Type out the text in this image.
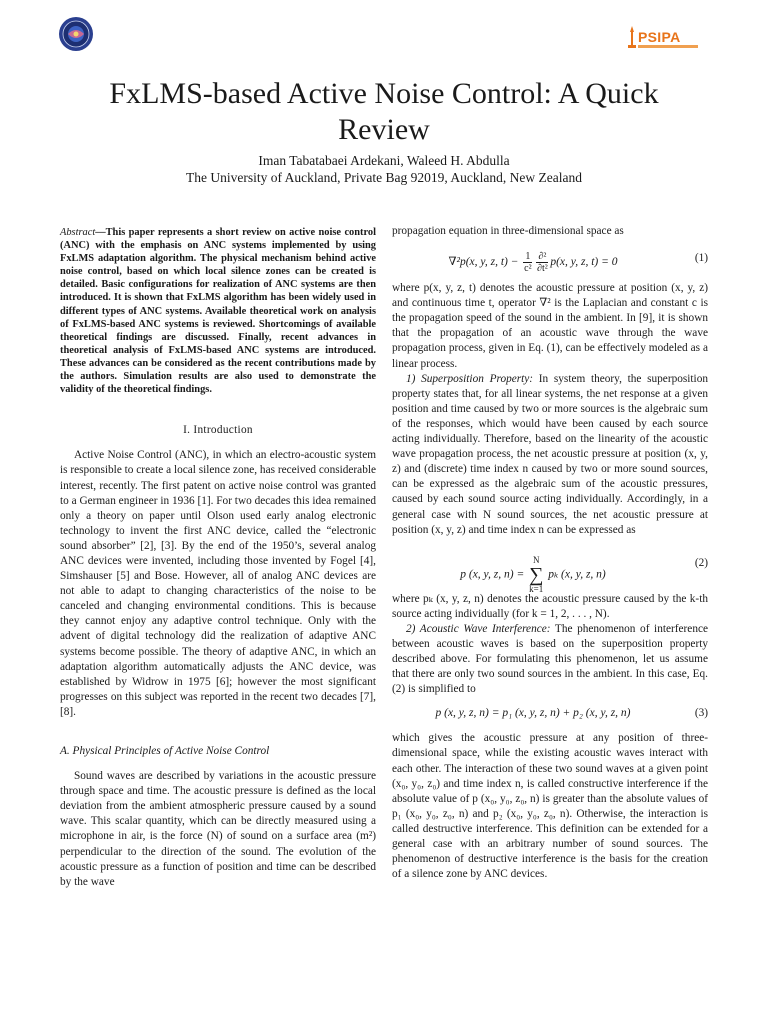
PSIPA
FxLMS-based Active Noise Control: A Quick Review
Iman Tabatabaei Ardekani, Waleed H. Abdulla
The University of Auckland, Private Bag 92019, Auckland, New Zealand

Abstract—This paper represents a short review on active noise control (ANC) with the emphasis on ANC systems implemented by using FxLMS adaptation algorithm. The physical mechanism behind active noise control, based on which local silence zones can be created is detailed. Basic configurations for realization of ANC systems are then introduced. It is shown that FxLMS algorithm has been widely used in different types of ANC systems. Available theoretical work on analysis of FxLMS-based ANC systems is reviewed. Shortcomings of available theoretical findings are discussed. Finally, recent advances in theoretical analysis of FxLMS-based ANC systems are introduced. These advances can be considered as the recent contributions made by the authors. Simulation results are also used to demonstrate the validity of the theoretical findings.

I. Introduction

Active Noise Control (ANC), in which an electro-acoustic system is responsible to create a local silence zone, has received considerable interest, recently. The first patent on active noise control was granted to a German engineer in 1936 [1]. For two decades this idea remained only a theory on paper until Olson used early analog electronic technology to invent the first ANC device, called the “electronic sound absorber” [2], [3]. By the end of the 1950’s, several analog ANC devices were invented, including those invented by Fogel [4], Simshauser [5] and Bose. However, all of analog ANC devices are not able to adapt to changing characteristics of the noise to be canceled and changing environmental conditions. This is because they cannot enjoy any adaptive control technique. Only with the advent of digital technology did the realization of adaptive ANC systems become possible. The theory of adaptive ANC, in which an adaptation algorithm automatically adjusts the ANC device, was established by Widrow in 1975 [6]; however the most significant progresses on this subject was reported in the recent two decades [7], [8].

A. Physical Principles of Active Noise Control

Sound waves are described by variations in the acoustic pressure through space and time. The acoustic pressure is defined as the local deviation from the ambient atmospheric pressure caused by a sound wave. This scalar quantity, which can be directly measured using a microphone in air, is the force (N) of sound on a surface area (m²) perpendicular to the direction of the sound. The evolution of the acoustic pressure as a function of position and time can be described by the wave

propagation equation in three-dimensional space as

∇²p(x, y, z, $t) - \frac{1}{\text{c²}} \frac{\text{∂²}}{\text{∂t²}} p(x$, y, z, t) = 0	(1)

where p(x, y, z, t) denotes the acoustic pressure at position (x, y, z) and continuous time t, operator ∇² is the Laplacian and constant c is the propagation speed of the sound in the ambient. In [9], it is shown that the propagation of an acoustic wave through the wave propagation process, given in Eq. (1), can be effectively modeled as a linear process.

1) Superposition Property: In system theory, the superposition property states that, for all linear systems, the net response at a given position and time caused by two or more sources is the algebraic sum of the responses, which would have been caused by each source acting individually. Therefore, based on the linearity of the acoustic wave propagation process, the net acoustic pressure at position (x, y, z) and (discrete) time index n caused by two or more sound sources, can be expressed as the algebraic sum of the acoustic pressures, caused by each sound source acting individually. Accordingly, in a general case with N sound sources, the net acoustic pressure at position (x, y, z) and time index n can be expressed as

p (x, y, z, n) =
N
∑
k=1
pₖ (x, y, z, n)
(2)

where pₖ (x, y, z, n) denotes the acoustic pressure caused by the k-th source acting individually (for k = 1, 2, . . . , N).

2) Acoustic Wave Interference: The phenomenon of interference between acoustic waves is based on the superposition property described above. For formulating this phenomenon, let us assume that there are only two sound sources in the ambient. In this case, Eq. (2) is simplified to

p (x, y, z, n) = p₁ (x, y, z, n) + p₂ (x, y, z, n)	(3)

which gives the acoustic pressure at any position of three-dimensional space, while the existing acoustic waves interact with each other. The interaction of these two sound waves at a given point (x₀, y₀, z₀) and time index n, is called constructive interference if the absolute value of p (x₀, y₀, z₀, n) is greater than the absolute values of p₁ (x₀, y₀, z₀, n) and p₂ (x₀, y₀, z₀, n). Otherwise, the interaction is called destructive interference. This definition can be extended for a general case with an arbitrary number of sound sources. The phenomenon of destructive interference is the basis for the creation of a silence zone by ANC devices.
